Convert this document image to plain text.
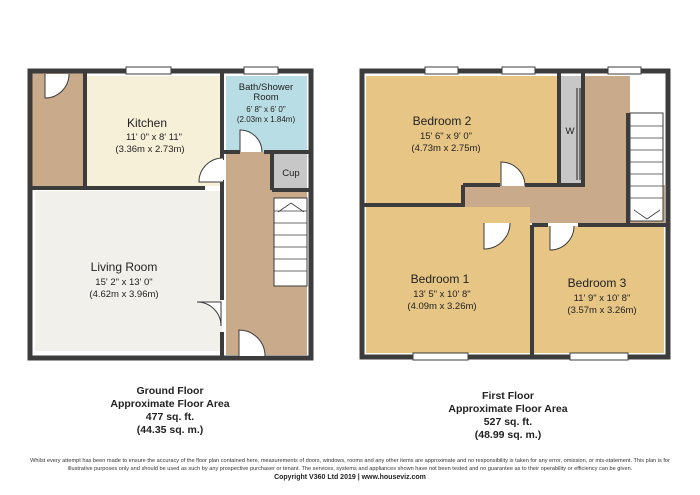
Kitchen
11' 0" x 8' 11"
(3.36m x 2.73m)
Bath/Shower
Room
6' 8" x 6' 0"
(2.03m x 1.84m)
Cup
Living Room
15' 2" x 13' 0"
(4.62m x 3.96m)
Bedroom 2
15' 6" x 9' 0"
(4.73m x 2.75m)
W
Bedroom 1
13' 5" x 10' 8"
(4.09m x 3.26m)
Bedroom 3
11' 9" x 10' 8"
(3.57m x 3.26m)
Ground Floor
Approximate Floor Area
477 sq. ft.
(44.35 sq. m.)
First Floor
Approximate Floor Area
527 sq. ft.
(48.99 sq. m.)
Whilst every attempt has been made to ensure the accuracy of the floor plan contained here, measurements of doors, windows, rooms and any other items are approximate and no responsibility is taken for any error, omission, or mis-statement. This plan is for
illustrative purposes only and should be used as such by any prospective purchaser or tenant. The services, systems and appliances shown have not been tested and no guarantee as to their operability or efficiency can be given.
Copyright V360 Ltd 2019 | www.houseviz.com
